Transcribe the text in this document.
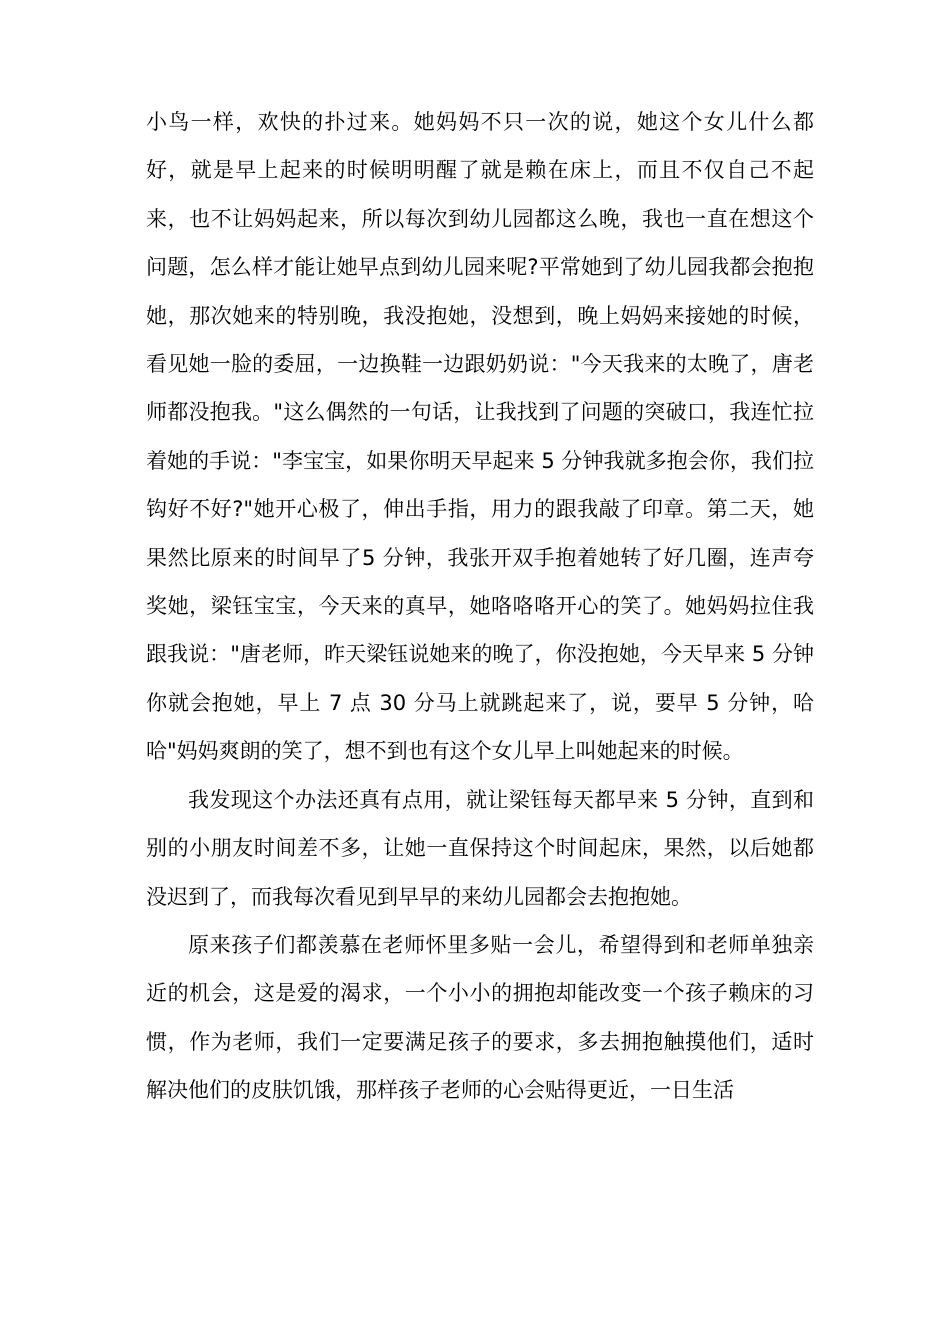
小鸟一样，欢快的扑过来。她妈妈不只一次的说，她这个女儿什么都好，就是早上起来的时候明明醒了就是赖在床上，而且不仅自己不起来，也不让妈妈起来，所以每次到幼儿园都这么晚，我也一直在想这个问题，怎么样才能让她早点到幼儿园来呢?平常她到了幼儿园我都会抱抱她，那次她来的特别晚，我没抱她，没想到，晚上妈妈来接她的时候，看见她一脸的委屈，一边换鞋一边跟奶奶说："今天我来的太晚了，唐老师都没抱我。"这么偶然的一句话，让我找到了问题的突破口，我连忙拉着她的手说："李宝宝，如果你明天早起来 5 分钟我就多抱会你，我们拉钩好不好?"她开心极了，伸出手指，用力的跟我敲了印章。第二天，她果然比原来的时间早了5 分钟，我张开双手抱着她转了好几圈，连声夸奖她，梁钰宝宝，今天来的真早，她咯咯咯开心的笑了。她妈妈拉住我跟我说："唐老师，昨天梁钰说她来的晚了，你没抱她，今天早来 5 分钟你就会抱她，早上 7 点 30 分马上就跳起来了，说，要早 5 分钟，哈哈"妈妈爽朗的笑了，想不到也有这个女儿早上叫她起来的时候。

我发现这个办法还真有点用，就让梁钰每天都早来 5 分钟，直到和别的小朋友时间差不多，让她一直保持这个时间起床，果然，以后她都没迟到了，而我每次看见到早早的来幼儿园都会去抱抱她。

原来孩子们都羡慕在老师怀里多贴一会儿，希望得到和老师单独亲近的机会，这是爱的渴求，一个小小的拥抱却能改变一个孩子赖床的习惯，作为老师，我们一定要满足孩子的要求，多去拥抱触摸他们，适时解决他们的皮肤饥饿，那样孩子老师的心会贴得更近，一日生活
